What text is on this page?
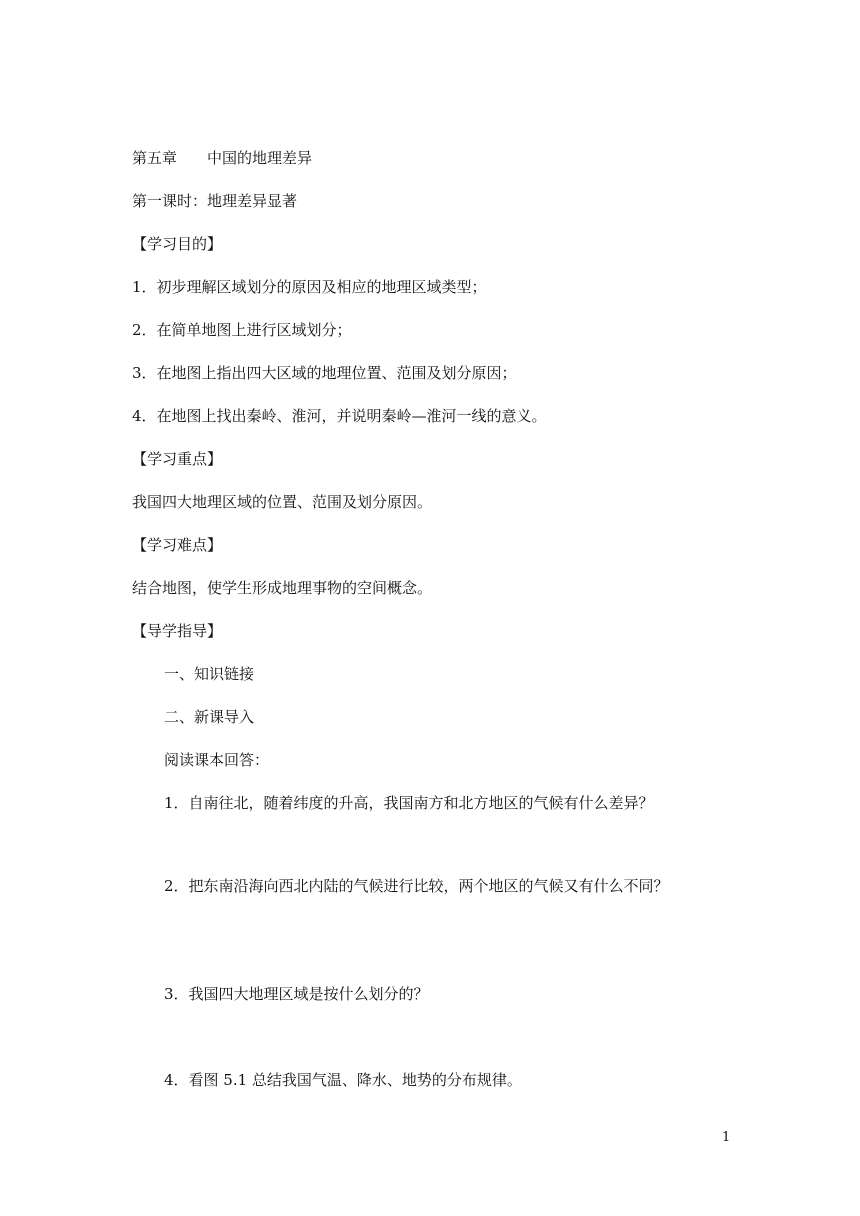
第五章　　中国的地理差异
第一课时：地理差异显著
【学习目的】
1．初步理解区域划分的原因及相应的地理区域类型；
2．在简单地图上进行区域划分；
3．在地图上指出四大区域的地理位置、范围及划分原因；
4．在地图上找出秦岭、淮河，并说明秦岭—淮河一线的意义。
【学习重点】
我国四大地理区域的位置、范围及划分原因。
【学习难点】
结合地图，使学生形成地理事物的空间概念。
【导学指导】
一、知识链接
二、新课导入
阅读课本回答：
1．自南往北，随着纬度的升高，我国南方和北方地区的气候有什么差异？
2．把东南沿海向西北内陆的气候进行比较，两个地区的气候又有什么不同？
3．我国四大地理区域是按什么划分的？
4．看图 5.1 总结我国气温、降水、地势的分布规律。
1
